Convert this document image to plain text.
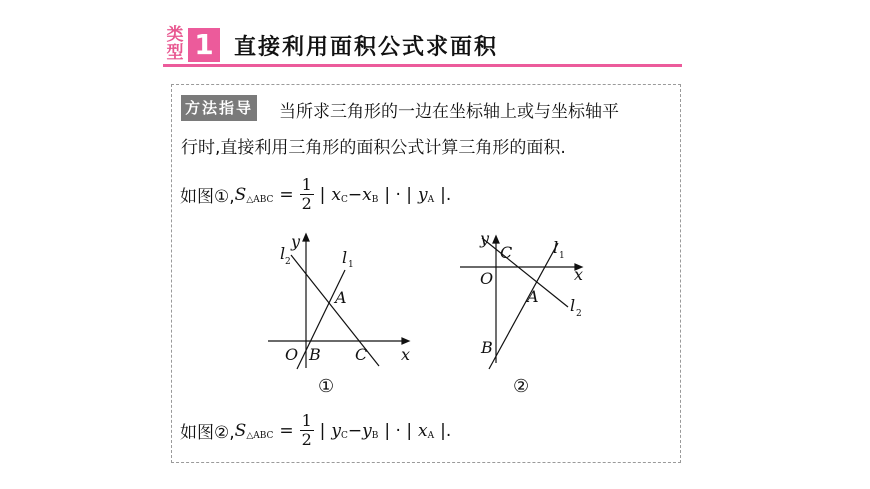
类
型 1 直接利用面积公式求面积
方法指导 当所求三角形的一边在坐标轴上或与坐标轴平
行时,直接利用三角形的面积公式计算三角形的面积.
如图①, S △ABC = $\frac{1}{2}$ | x C − x B | · | y A |.
y
x
O
A
B C
l 1
l 2
①
y
x
O
A
B
C	l 1
l 2
②
如图②, S △ABC = $\frac{1}{2}$ | y C − y B | · | x A |.
